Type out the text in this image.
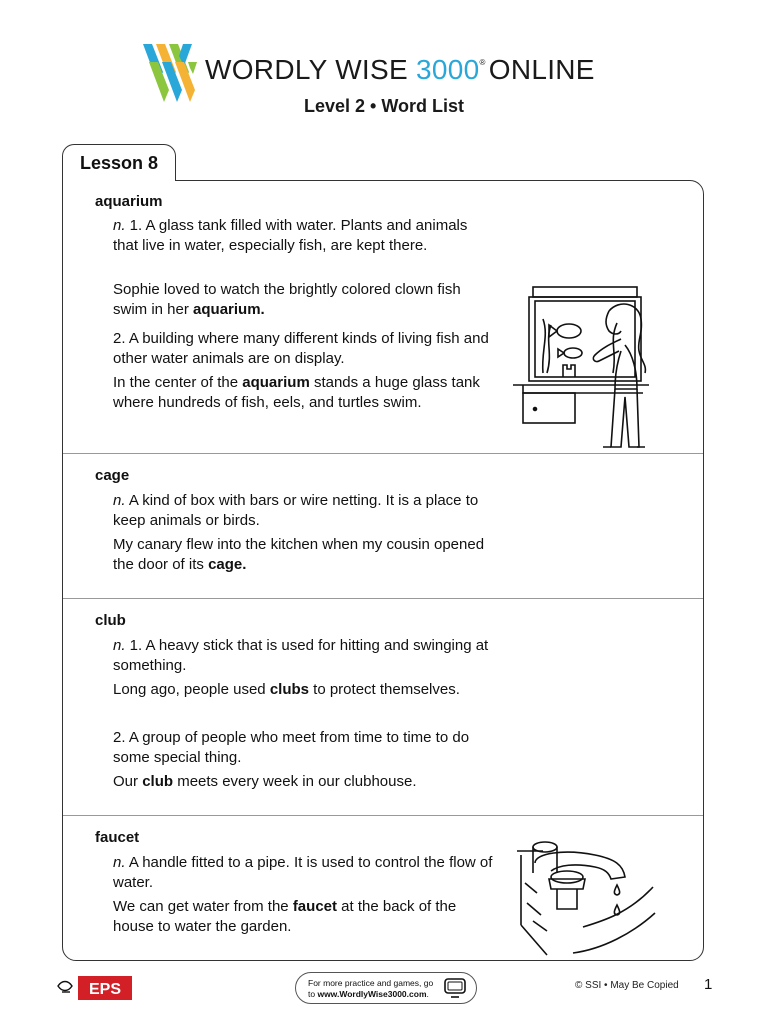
WORDLY WISE 3000® ONLINE
Level 2 • Word List
Lesson 8
aquarium
n. 1. A glass tank filled with water. Plants and animals that live in water, especially fish, are kept there.
Sophie loved to watch the brightly colored clown fish swim in her aquarium.
2. A building where many different kinds of living fish and other water animals are on display.
In the center of the aquarium stands a huge glass tank where hundreds of fish, eels, and turtles swim.
cage
n. A kind of box with bars or wire netting. It is a place to keep animals or birds.
My canary flew into the kitchen when my cousin opened the door of its cage.
club
n. 1. A heavy stick that is used for hitting and swinging at something.
Long ago, people used clubs to protect themselves.
2. A group of people who meet from time to time to do some special thing.
Our club meets every week in our clubhouse.
faucet
n. A handle fitted to a pipe. It is used to control the flow of water.
We can get water from the faucet at the back of the house to water the garden.
EPS	For more practice and games, go
to www.WordlyWise3000.com.
© SSI • May Be Copied 1
